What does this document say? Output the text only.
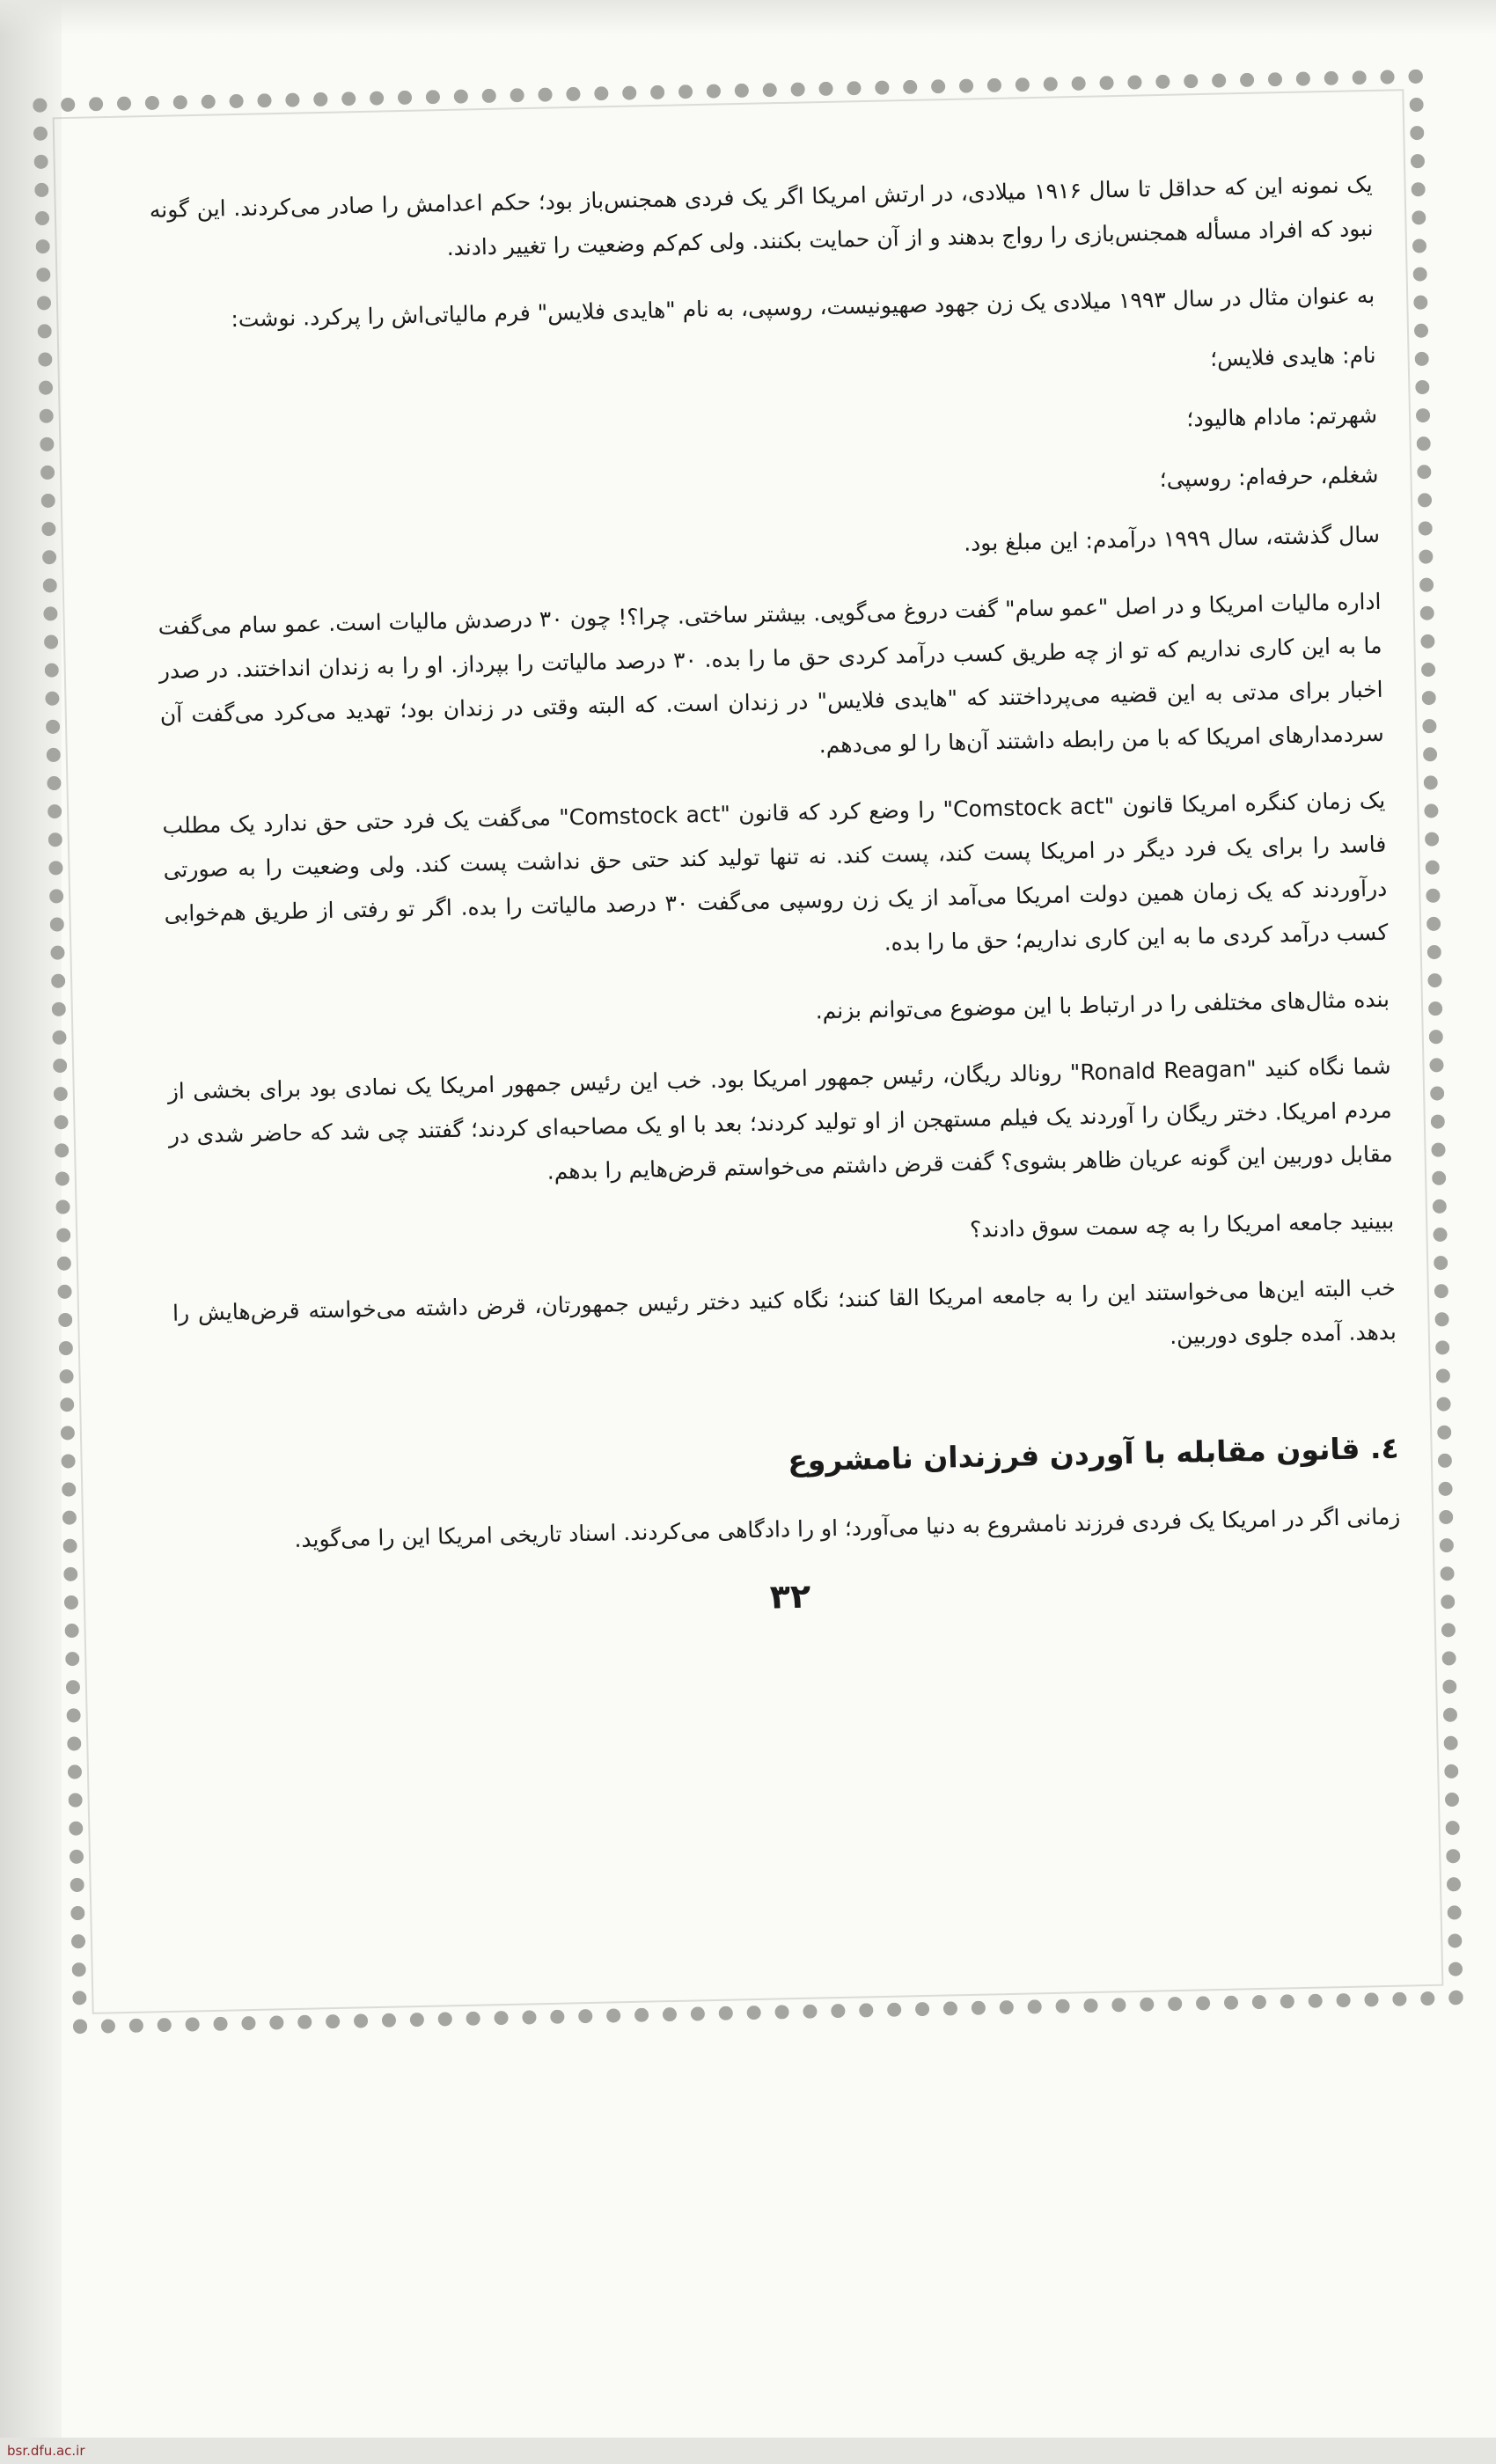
یک نمونه این که حداقل تا سال ۱۹۱۶ میلادی، در ارتش امریکا اگر یک فردی همجنس‌باز بود؛ حکم اعدامش را صادر می‌کردند. این گونه نبود که افراد مسأله همجنس‌بازی را رواج بدهند و از آن حمایت بکنند. ولی کم‌کم وضعیت را تغییر دادند.

به عنوان مثال در سال ۱۹۹۳ میلادی یک زن جهود صهیونیست، روسپی، به نام "هایدی فلایس" فرم مالیاتی‌اش را پرکرد. نوشت:

نام: هایدی فلایس؛

شهرتم: مادام هالیود؛

شغلم، حرفه‌ام: روسپی؛

سال گذشته، سال ۱۹۹۹ درآمدم: این مبلغ بود.

اداره مالیات امریکا و در اصل "عمو سام" گفت دروغ می‌گویی. بیشتر ساختی. چرا؟! چون ۳۰ درصدش مالیات است. عمو سام می‌گفت ما به این کاری نداریم که تو از چه طریق کسب درآمد کردی حق ما را بده. ۳۰ درصد مالیاتت را بپرداز. او را به زندان انداختند. در صدر اخبار برای مدتی به این قضیه می‌پرداختند که "هایدی فلایس" در زندان است. که البته وقتی در زندان بود؛ تهدید می‌کرد می‌گفت آن سردمدارهای امریکا که با من رابطه داشتند آن‌ها را لو می‌دهم.

یک زمان کنگره امریکا قانون "Comstock act" را وضع کرد که قانون "Comstock act" می‌گفت یک فرد حتی حق ندارد یک مطلب فاسد را برای یک فرد دیگر در امریکا پست کند، پست کند. نه تنها تولید کند حتی حق نداشت پست کند. ولی وضعیت را به صورتی درآوردند که یک زمان همین دولت امریکا می‌آمد از یک زن روسپی می‌گفت ۳۰ درصد مالیاتت را بده. اگر تو رفتی از طریق هم‌خوابی کسب درآمد کردی ما به این کاری نداریم؛ حق ما را بده.

بنده مثال‌های مختلفی را در ارتباط با این موضوع می‌توانم بزنم.

شما نگاه کنید "Ronald Reagan" رونالد ریگان، رئیس جمهور امریکا بود. خب این رئیس جمهور امریکا یک نمادی بود برای بخشی از مردم امریکا. دختر ریگان را آوردند یک فیلم مستهجن از او تولید کردند؛ بعد با او یک مصاحبه‌ای کردند؛ گفتند چی شد که حاضر شدی در مقابل دوربین این گونه عریان ظاهر بشوی؟ گفت قرض داشتم می‌خواستم قرض‌هایم را بدهم.

ببینید جامعه امریکا را به چه سمت سوق دادند؟

خب البته این‌ها می‌خواستند این را به جامعه امریکا القا کنند؛ نگاه کنید دختر رئیس جمهورتان، قرض داشته می‌خواسته قرض‌هایش را بدهد. آمده جلوی دوربین.

٤. قانون مقابله با آوردن فرزندان نامشروع

زمانی اگر در امریکا یک فردی فرزند نامشروع به دنیا می‌آورد؛ او را دادگاهی می‌کردند. اسناد تاریخی امریکا این را می‌گوید.

۳۲
bsr.dfu.ac.ir
